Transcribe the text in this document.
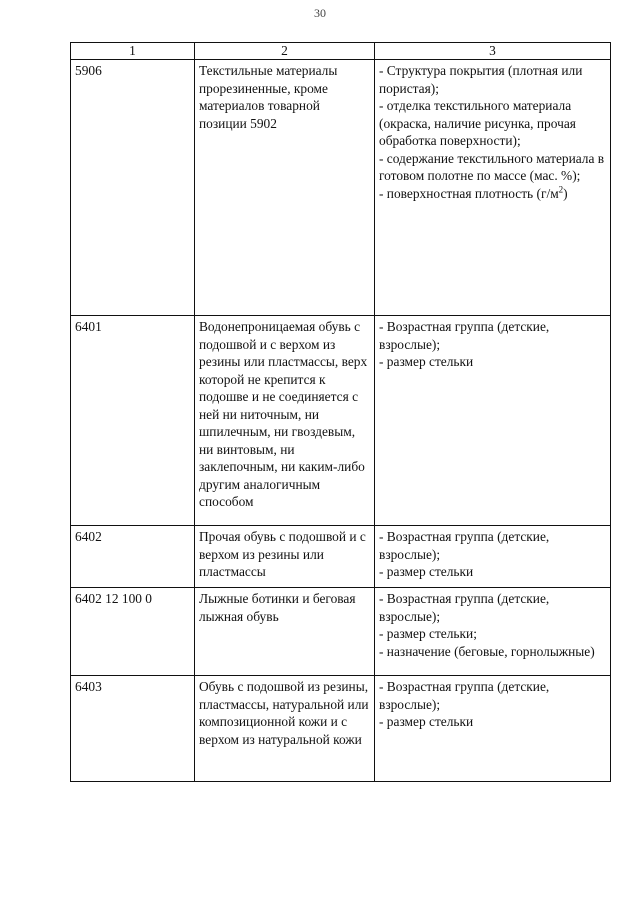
30
1	2	3
5906	Текстильные материалы прорезиненные, кроме материалов товарной позиции 5902	- Структура покрытия (плотная или пористая);
- отделка текстильного материала (окраска, наличие рисунка, прочая обработка поверхности);
- содержание текстильного материала в готовом полотне по массе (мас. %);
- поверхностная плотность $(г/м^2)$

6401	Водонепроницаемая обувь с подошвой и с верхом из резины или пластмассы, верх которой не крепится к подошве и не соединяется с ней ни ниточным, ни шпилечным, ни гвоздевым, ни винтовым, ни заклепочным, ни каким-либо другим аналогичным способом	- Возрастная группа (детские, взрослые);
- размер стельки

6402	Прочая обувь с подошвой и с верхом из резины или пластмассы	- Возрастная группа (детские, взрослые);
- размер стельки

6402 12 100 0	Лыжные ботинки и беговая лыжная обувь	- Возрастная группа (детские, взрослые);
- размер стельки;
- назначение (беговые, горнолыжные)

6403	Обувь с подошвой из резины, пластмассы, натуральной или композиционной кожи и с верхом из натуральной кожи	- Возрастная группа (детские, взрослые);
- размер стельки
